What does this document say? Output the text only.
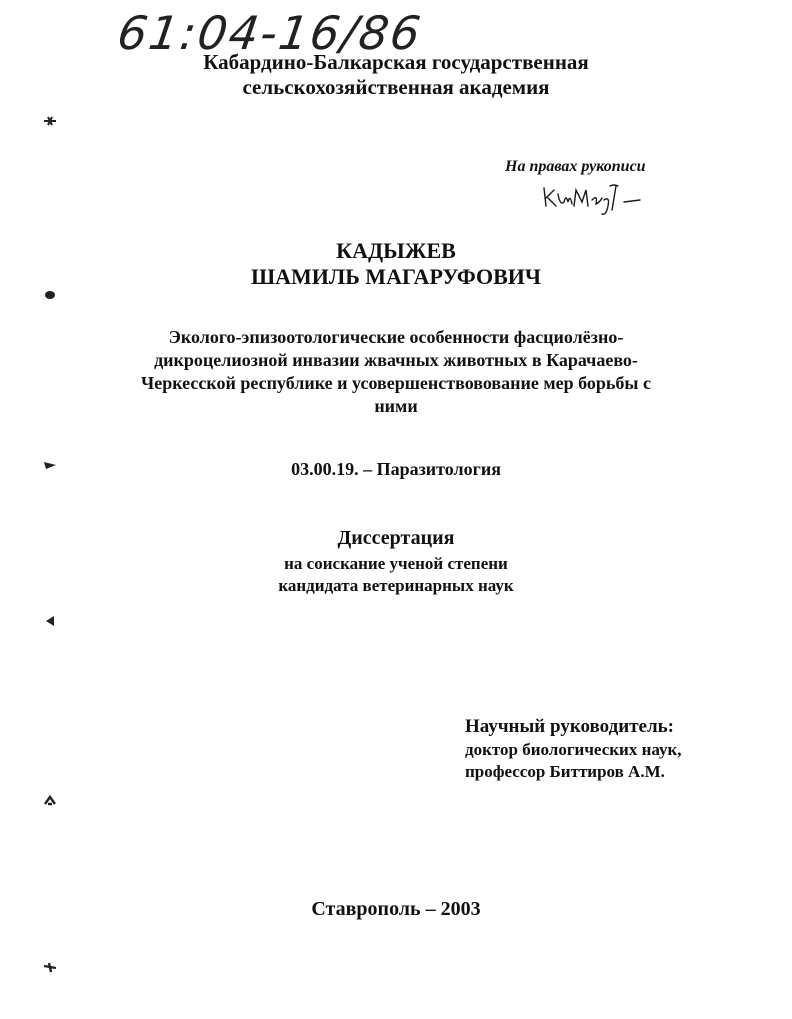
61:04-16/86
Кабардино-Балкарская государственная
сельскохозяйственная академия
На правах рукописи
КАДЫЖЕВ
ШАМИЛЬ МАГАРУФОВИЧ
Эколого-эпизоотологические особенности фасциолёзно-
дикроцелиозной инвазии жвачных животных в Карачаево-
Черкесской республике и усовершенствовование мер борьбы с
ними
03.00.19. – Паразитология
Диссертация
на соискание ученой степени
кандидата ветеринарных наук
Научный руководитель:
доктор биологических наук,
профессор Биттиров А.М.
Ставрополь – 2003
